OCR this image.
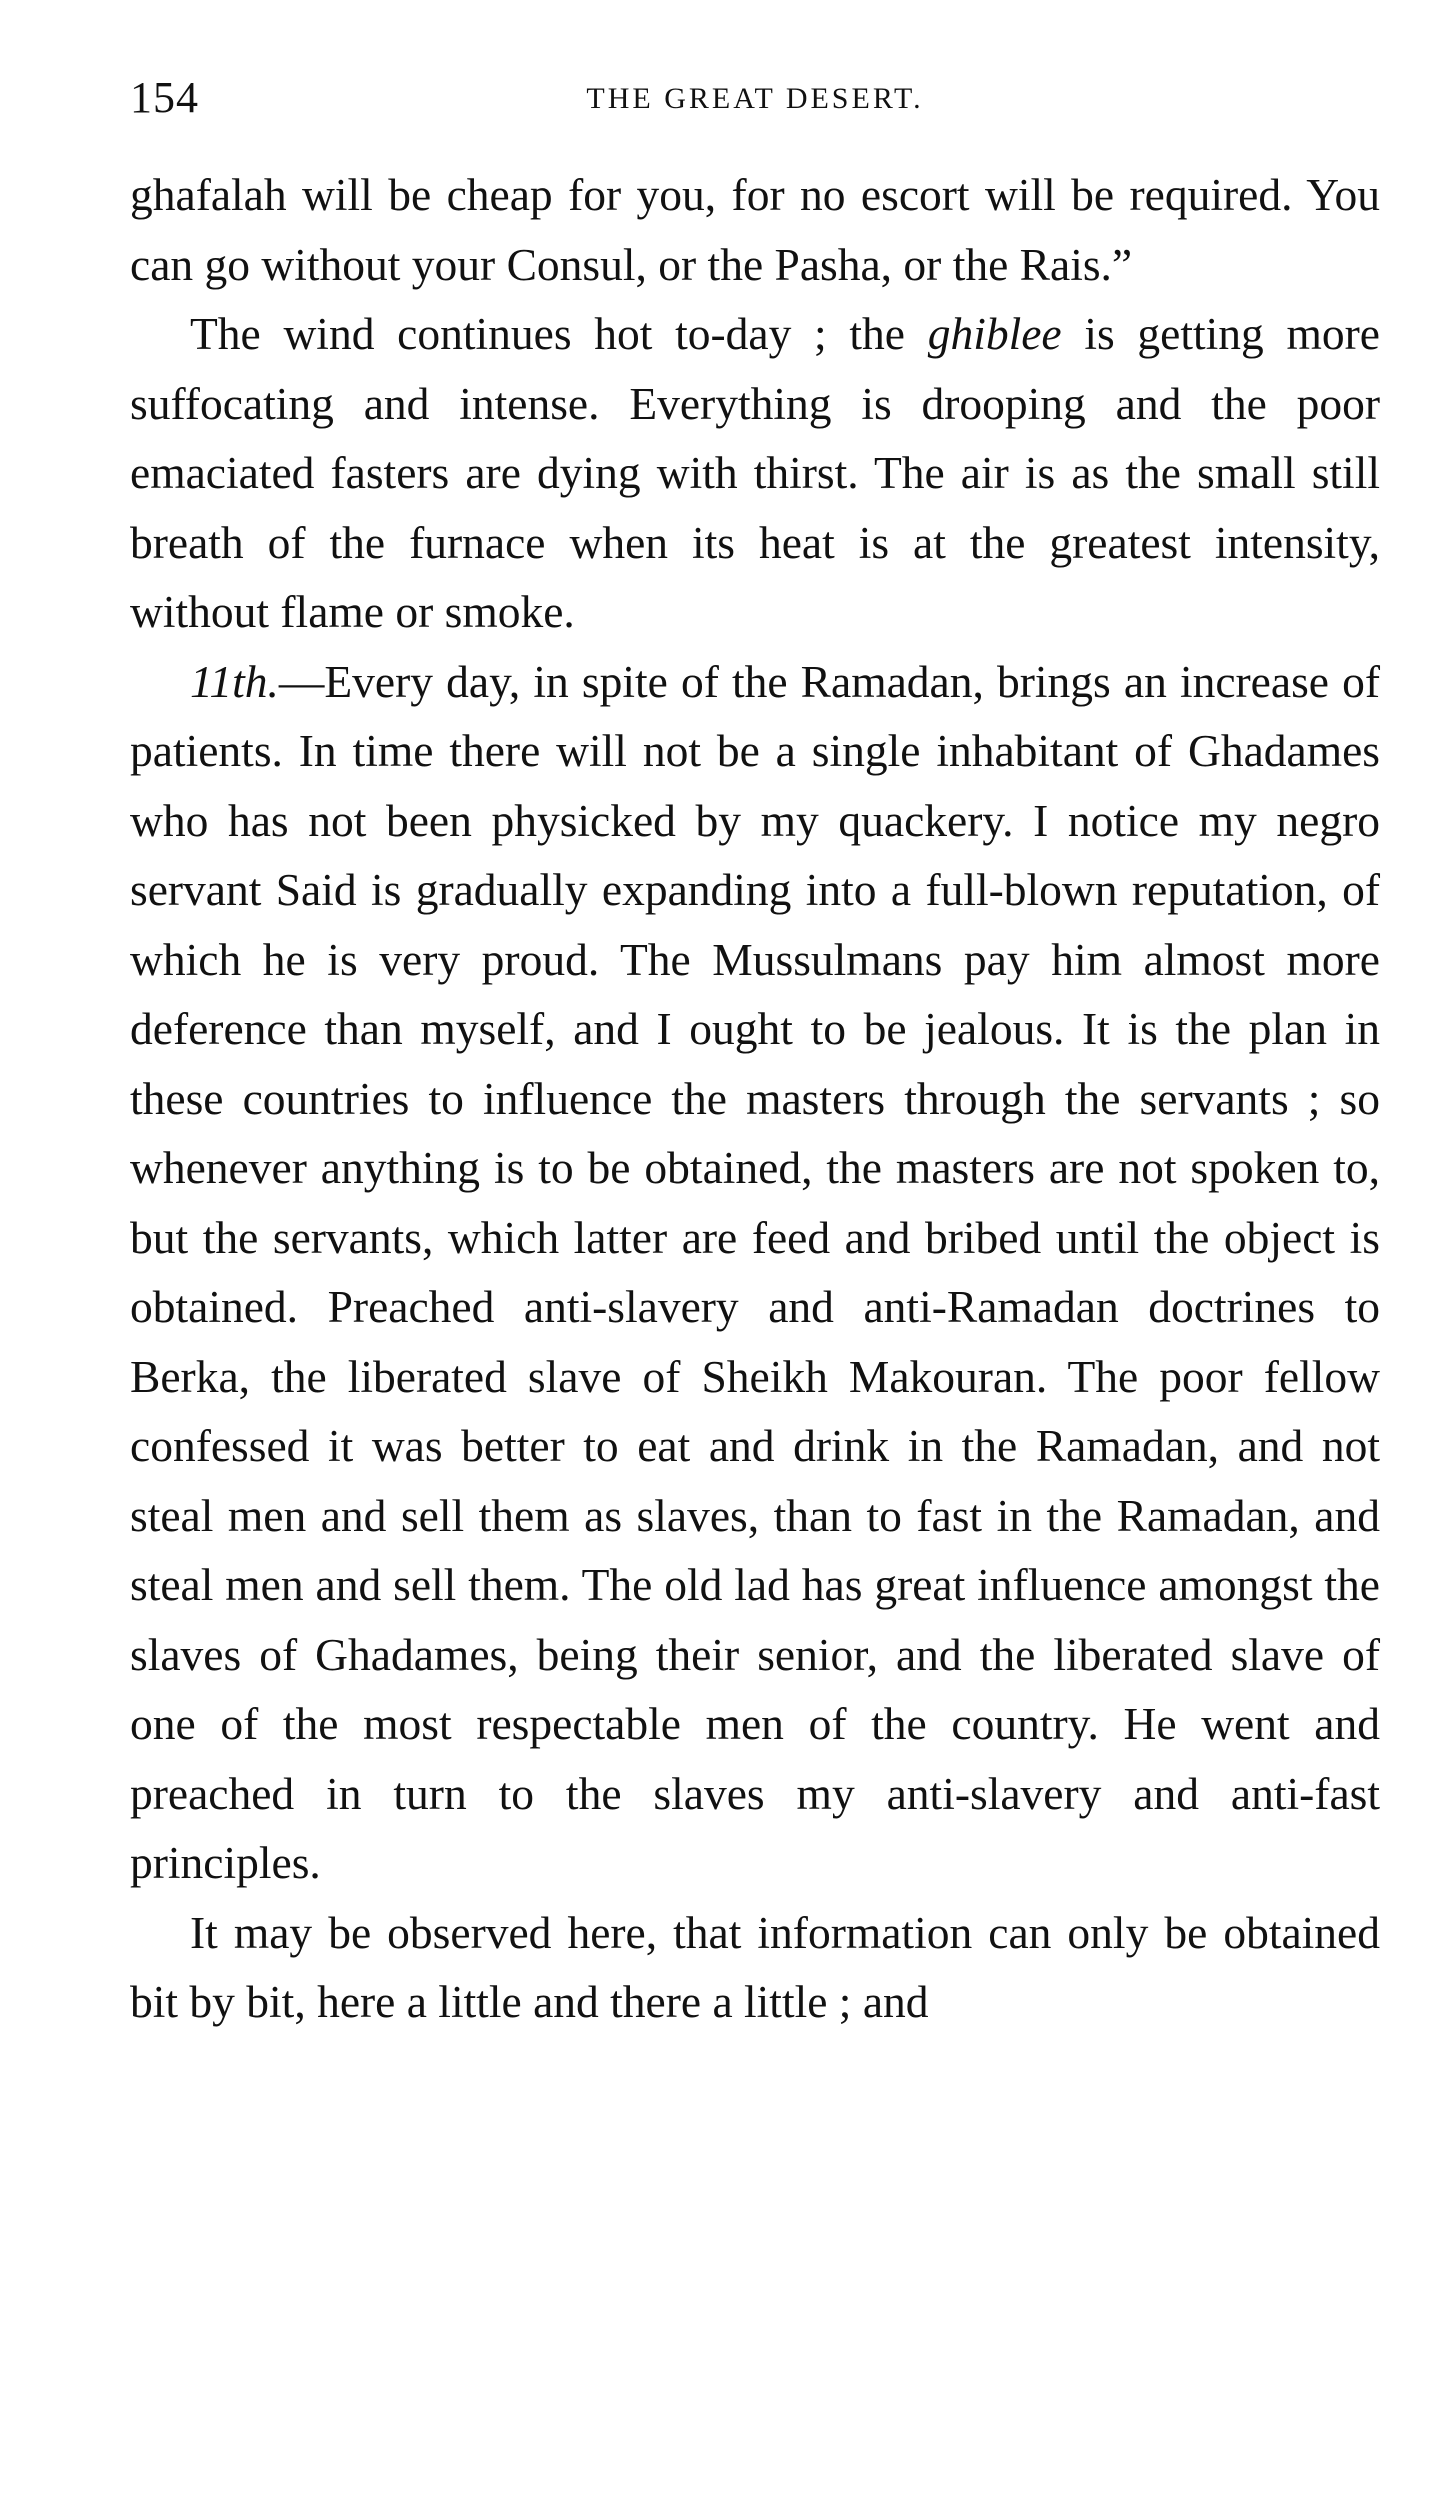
154	THE GREAT DESERT.

ghafalah will be cheap for you, for no escort will be required. You can go without your Consul, or the Pasha, or the Rais.”

The wind continues hot to-day ; the ghiblee is getting more suffocating and intense. Everything is drooping and the poor emaciated fasters are dying with thirst. The air is as the small still breath of the furnace when its heat is at the greatest intensity, without flame or smoke.

11th.—Every day, in spite of the Ramadan, brings an increase of patients. In time there will not be a single inhabitant of Ghadames who has not been physicked by my quackery. I notice my negro servant Said is gradually expanding into a full-blown reputation, of which he is very proud. The Mussulmans pay him almost more deference than myself, and I ought to be jealous. It is the plan in these countries to influence the masters through the servants ; so whenever anything is to be obtained, the masters are not spoken to, but the servants, which latter are feed and bribed until the object is obtained. Preached anti-slavery and anti-Ramadan doctrines to Berka, the liberated slave of Sheikh Makouran. The poor fellow confessed it was better to eat and drink in the Ramadan, and not steal men and sell them as slaves, than to fast in the Ramadan, and steal men and sell them. The old lad has great influence amongst the slaves of Ghadames, being their senior, and the liberated slave of one of the most respectable men of the country. He went and preached in turn to the slaves my anti-slavery and anti-fast principles.

It may be observed here, that information can only be obtained bit by bit, here a little and there a little ; and
